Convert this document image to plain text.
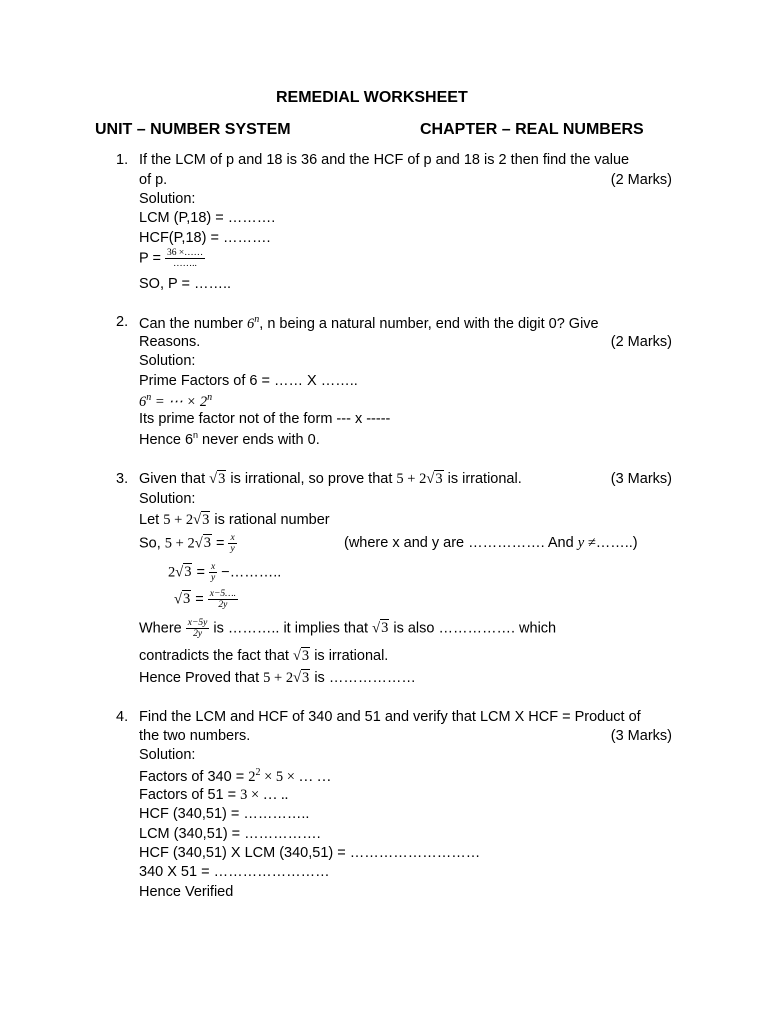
REMEDIAL WORKSHEET
UNIT – NUMBER SYSTEM	CHAPTER – REAL NUMBERS
1. If the LCM of p and 18 is 36 and the HCF of p and 18 is 2 then find the value
of p.	(2 Marks)
Solution:
LCM (P,18) = ……….
HCF(P,18) = ……….
$P = \frac{36 \times\dots\dots}{\dots\dots..}$
SO, P = ……..
2. Can the number 6$^n$, n being a natural number, end with the digit 0? Give
Reasons.	(2 Marks)
Solution:
Prime Factors of 6 = …… X ……..
$6^n$ = ⋯ × $2^n$
Its prime factor not of the form --- x -----
Hence 6$^n$ never ends with 0.
3. Given that √3 is irrational, so prove that 5 + 2√3 is irrational.	(3 Marks)
Solution:
Let 5 + 2√3 is rational number
So, $5 + 2√3 = \frac{x}{y}$	(where x and y are ……………. And y ≠……..)
$2√3 = \frac{x}{y}$ −………..
$√3 = \frac{x-5\dots.}{2y}$
Where $\frac{x-5y}{2y}$ is ……….. it implies that √3 is also ……………. which
contradicts the fact that √3 is irrational.
Hence Proved that 5 + 2√3 is ………………
4. Find the LCM and HCF of 340 and 51 and verify that LCM X HCF = Product of
the two numbers.	(3 Marks)
Solution:
Factors of $340 = 2^2 \times 5$ × … …
Factors of 51 = 3 × … ..
HCF (340,51) = …………..
LCM (340,51) = …………….
HCF (340,51) X LCM (340,51) = ………………………
340 X 51 = ……………………
Hence Verified
